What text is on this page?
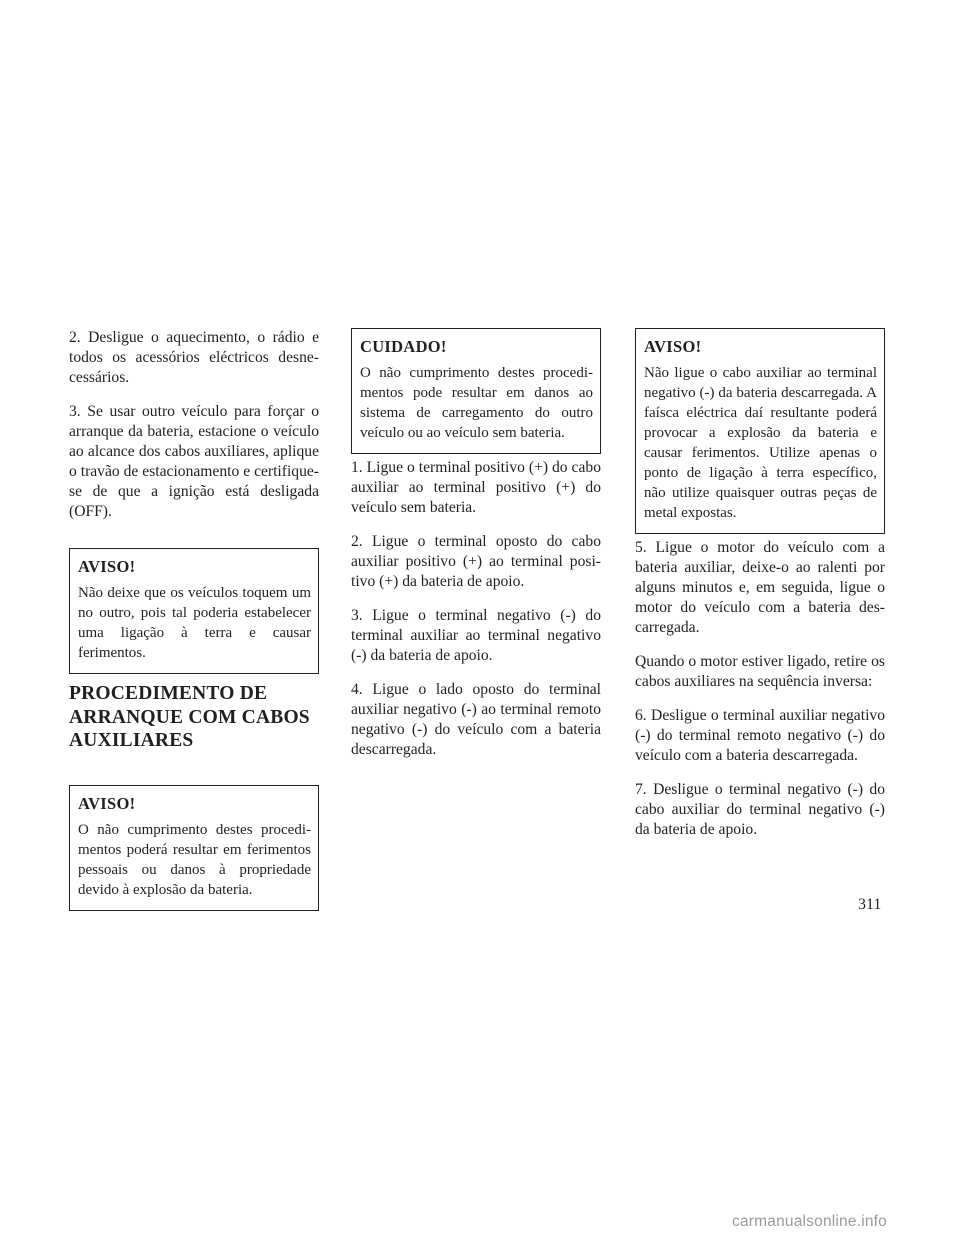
2. Desligue o aquecimento, o rádio e todos os acessórios eléctricos desnecessários.

3. Se usar outro veículo para forçar o arranque da bateria, estacione o veículo ao alcance dos cabos auxiliares, aplique o travão de estacionamento e certifique-se de que a ignição está desligada (OFF).

AVISO!

Não deixe que os veículos toquem um no outro, pois tal poderia estabelecer uma ligação à terra e causar ferimentos.

PROCEDIMENTO DE ARRANQUE COM CABOS AUXILIARES
AVISO!

O não cumprimento destes procedimentos poderá resultar em ferimentos pessoais ou danos à propriedade devido à explosão da bateria.

CUIDADO!

O não cumprimento destes procedimentos pode resultar em danos ao sistema de carregamento do outro veículo ou ao veículo sem bateria.

1. Ligue o terminal positivo (+) do cabo auxiliar ao terminal positivo (+) do veículo sem bateria.

2. Ligue o terminal oposto do cabo auxiliar positivo (+) ao terminal positivo (+) da bateria de apoio.

3. Ligue o terminal negativo (-) do terminal auxiliar ao terminal negativo (-) da bateria de apoio.

4. Ligue o lado oposto do terminal auxiliar negativo (-) ao terminal remoto negativo (-) do veículo com a bateria descarregada.

AVISO!

Não ligue o cabo auxiliar ao terminal negativo (-) da bateria descarregada. A faísca eléctrica daí resultante poderá provocar a explosão da bateria e causar ferimentos. Utilize apenas o ponto de ligação à terra específico, não utilize quaisquer outras peças de metal expostas.

5. Ligue o motor do veículo com a bateria auxiliar, deixe-o ao ralenti por alguns minutos e, em seguida, ligue o motor do veículo com a bateria descarregada.

Quando o motor estiver ligado, retire os cabos auxiliares na sequência inversa:

6. Desligue o terminal auxiliar negativo (-) do terminal remoto negativo (-) do veículo com a bateria descarregada.

7. Desligue o terminal negativo (-) do cabo auxiliar do terminal negativo (-) da bateria de apoio.

311
carmanualsonline.info
